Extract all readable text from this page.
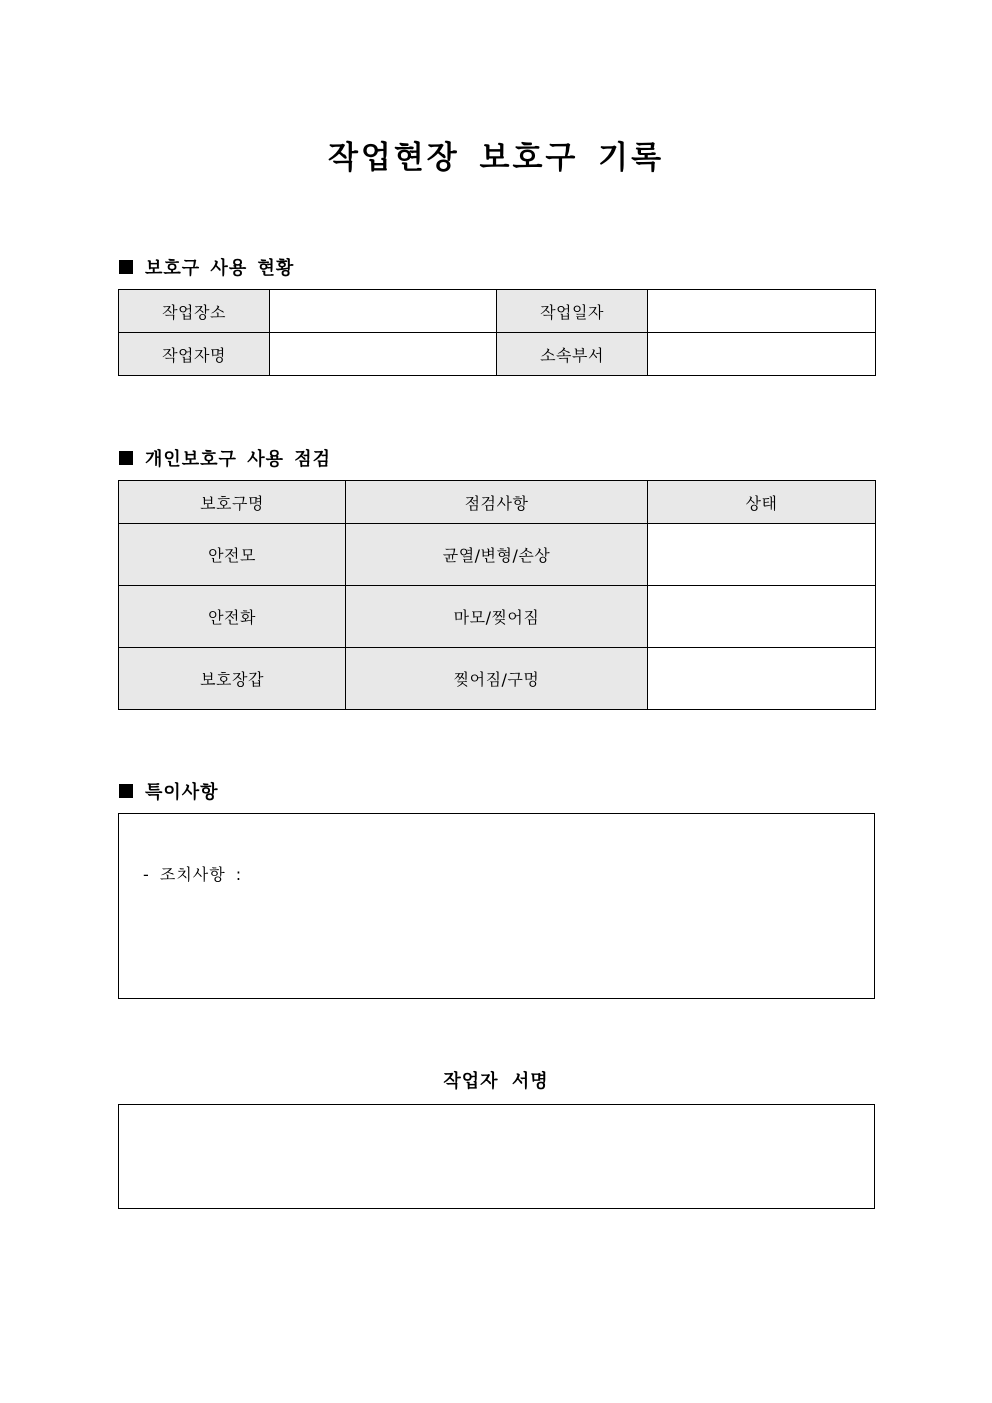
작업현장 보호구 기록
보호구 사용 현황
작업장소		작업일자	
작업자명		소속부서	
개인보호구 사용 점검
보호구명	점검사항	상태
안전모	균열/변형/손상	
안전화	마모/찢어짐	
보호장갑	찢어짐/구멍	
특이사항
- 조치사항 :
작업자 서명
